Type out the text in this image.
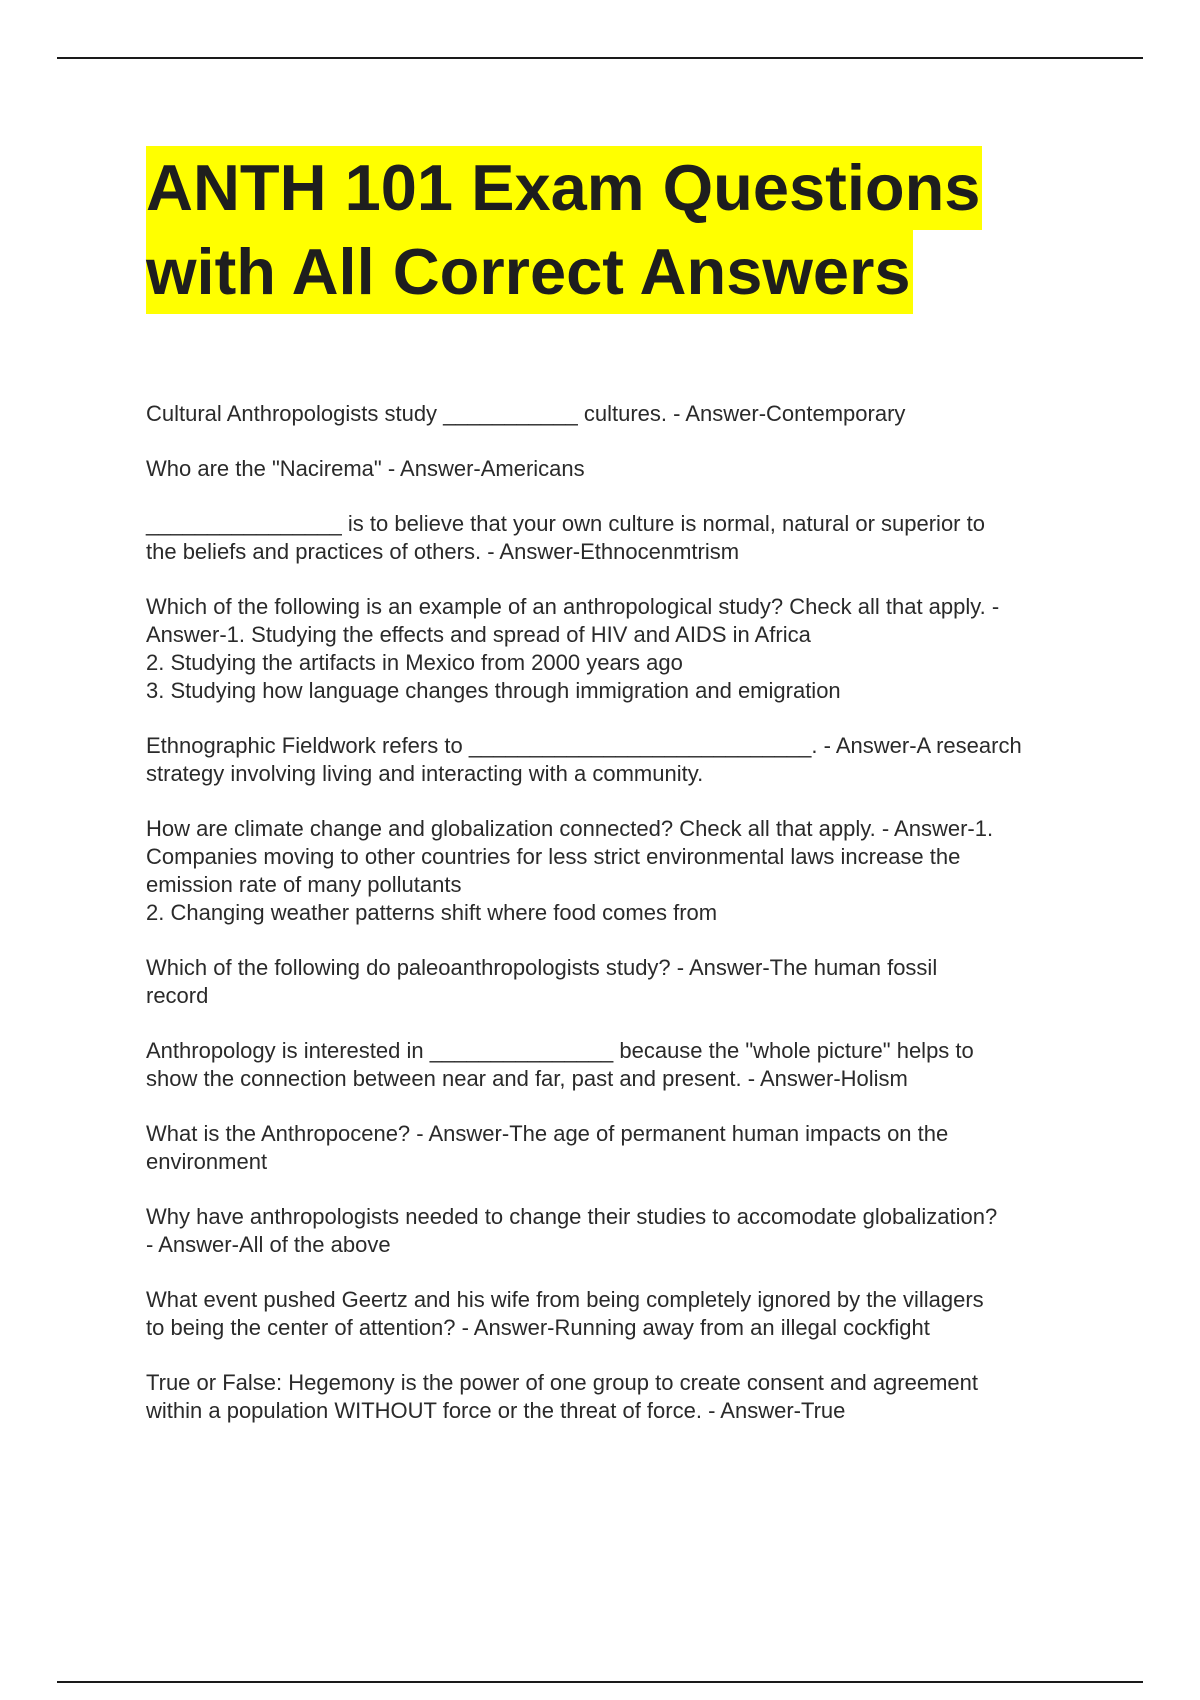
ANTH 101 Exam Questions
with All Correct Answers
Cultural Anthropologists study ___________ cultures. - Answer-Contemporary
Who are the "Nacirema" - Answer-Americans
________________ is to believe that your own culture is normal, natural or superior to
the beliefs and practices of others. - Answer-Ethnocenmtrism
Which of the following is an example of an anthropological study? Check all that apply. -
Answer-1. Studying the effects and spread of HIV and AIDS in Africa
2. Studying the artifacts in Mexico from 2000 years ago
3. Studying how language changes through immigration and emigration
Ethnographic Fieldwork refers to ____________________________. - Answer-A research
strategy involving living and interacting with a community.
How are climate change and globalization connected? Check all that apply. - Answer-1.
Companies moving to other countries for less strict environmental laws increase the
emission rate of many pollutants
2. Changing weather patterns shift where food comes from
Which of the following do paleoanthropologists study? - Answer-The human fossil
record
Anthropology is interested in _______________ because the "whole picture" helps to
show the connection between near and far, past and present. - Answer-Holism
What is the Anthropocene? - Answer-The age of permanent human impacts on the
environment
Why have anthropologists needed to change their studies to accomodate globalization?
- Answer-All of the above
What event pushed Geertz and his wife from being completely ignored by the villagers
to being the center of attention? - Answer-Running away from an illegal cockfight
True or False: Hegemony is the power of one group to create consent and agreement
within a population WITHOUT force or the threat of force. - Answer-True
